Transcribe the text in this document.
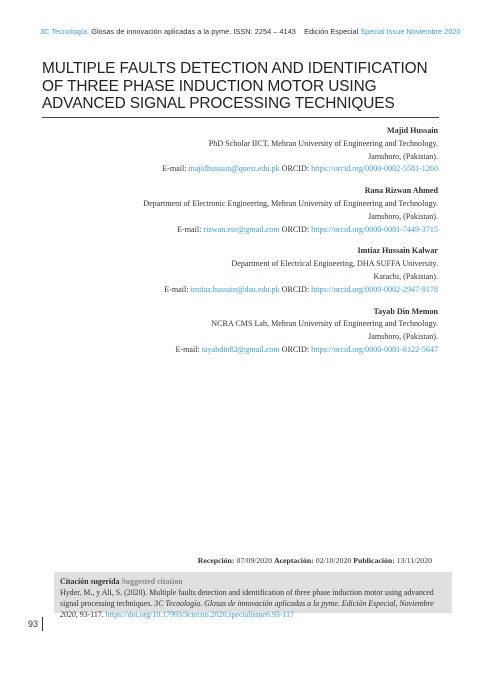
3C Tecnología. Glosas de innovación aplicadas a la pyme. ISSN: 2254 – 4143 Edición Especial Special Issue Noviembre 2020
MULTIPLE FAULTS DETECTION AND IDENTIFICATION OF THREE PHASE INDUCTION MOTOR USING ADVANCED SIGNAL PROCESSING TECHNIQUES
Majid Hussain
PhD Scholar IICT, Mehran University of Engineering and Technology.
Jamshoro, (Pakistan).
E-mail: majidhussain@quest.edu.pk ORCID: https://orcid.org/0000-0002-5581-1260
Rana Rizwan Ahmed
Department of Electronic Engineering, Mehran University of Engineering and Technology.
Jamshoro, (Pakistan).
E-mail: rizwan.ese@gmail.com ORCID: https://orcid.org/0000-0001-7449-3715
Imtiaz Hussain Kalwar
Department of Electrical Engineering, DHA SUFFA University.
Karachi, (Pakistan).
E-mail: imtiaz.hussain@dsu.edu.pk ORCID: https://orcid.org/0000-0002-2947-9178
Tayab Din Memon
NCRA CMS Lab, Mehran University of Engineering and Technology.
Jamshoro, (Pakistan).
E-mail: tayabdin82@gmail.com ORCID: https://orcid.org/0000-0001-8122-5647
Recepción: 07/09/2020 Aceptación: 02/10/2020 Publicación: 13/11/2020
Citación sugerida Suggested citation
Hyder, M., y Ali, S. (2020). Multiple faults detection and identification of three phase induction motor using advanced signal processing techniques. 3C Tecnología. Glosas de innovación aplicadas a la pyme. Edición Especial, Noviembre 2020, 93-117. https://doi.org/10.17993/3ctecno.2020.specialissue6.93-117
93
